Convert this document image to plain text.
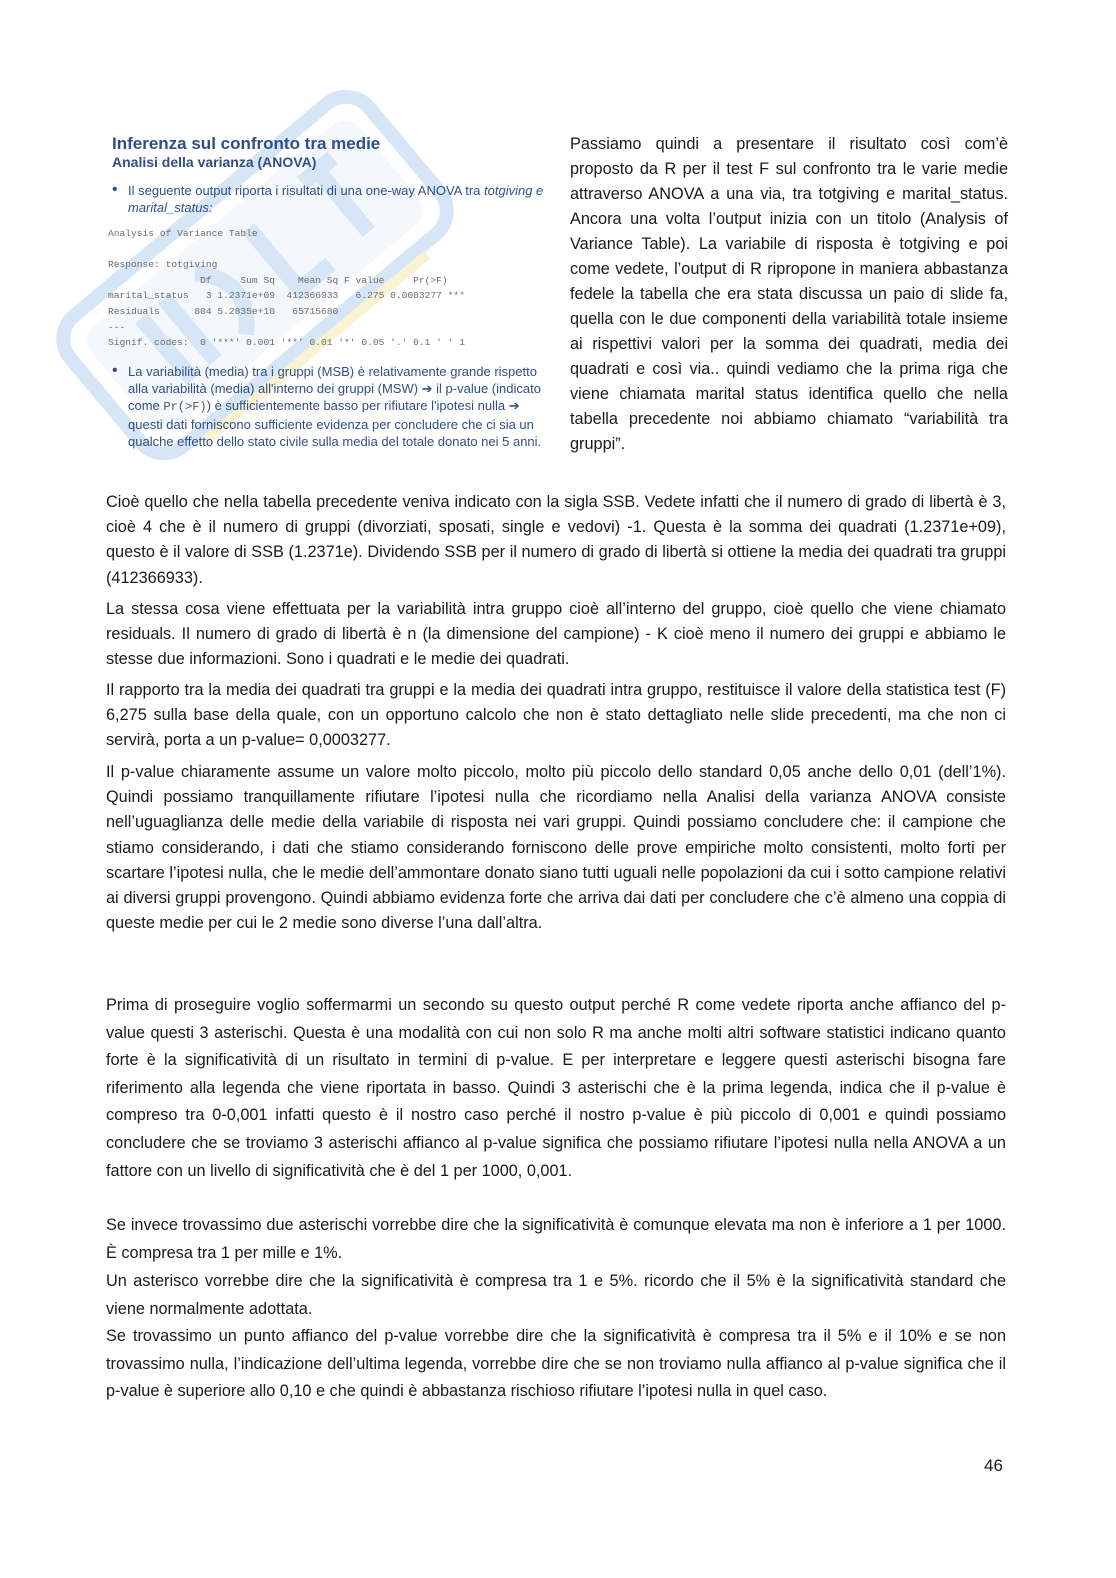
Inferenza sul confronto tra medie
Analisi della varianza (ANOVA)
• Il seguente output riporta i risultati di una one-way ANOVA tra totgiving e marital_status:
Analysis of Variance Table

Response: totgiving
Df     Sum Sq    Mean Sq F value     Pr(>F)
marital_status   3 1.2371e+09  412366933   6.275 0.0003277 ***
Residuals      804 5.2835e+10   65715680
---
Signif. codes:  0 '***' 0.001 '**' 0.01 '*' 0.05 '.' 0.1 ' ' 1
• La variabilità (media) tra i gruppi (MSB) è relativamente grande rispetto alla variabilità (media) all'interno dei gruppi (MSW) ➔ il p-value (indicato come Pr(>F)) è sufficientemente basso per rifiutare l'ipotesi nulla ➔ questi dati forniscono sufficiente evidenza per concludere che ci sia un qualche effetto dello stato civile sulla media del totale donato nei 5 anni.
Passiamo quindi a presentare il risultato così com’è proposto da R per il test F sul confronto tra le varie medie attraverso ANOVA a una via, tra totgiving e marital_status. Ancora una volta l’output inizia con un titolo (Analysis of Variance Table). La variabile di risposta è totgiving e poi come vedete, l’output di R ripropone in maniera abbastanza fedele la tabella che era stata discussa un paio di slide fa, quella con le due componenti della variabilità totale insieme ai rispettivi valori per la somma dei quadrati, media dei quadrati e così via.. quindi vediamo che la prima riga che viene chiamata marital status identifica quello che nella tabella precedente noi abbiamo chiamato “variabilità tra gruppi”.

Cioè quello che nella tabella precedente veniva indicato con la sigla SSB. Vedete infatti che il numero di grado di libertà è 3, cioè 4 che è il numero di gruppi (divorziati, sposati, single e vedovi) -1. Questa è la somma dei quadrati (1.2371e+09), questo è il valore di SSB (1.2371e). Dividendo SSB per il numero di grado di libertà si ottiene la media dei quadrati tra gruppi (412366933).

La stessa cosa viene effettuata per la variabilità intra gruppo cioè all’interno del gruppo, cioè quello che viene chiamato residuals. Il numero di grado di libertà è n (la dimensione del campione) - K cioè meno il numero dei gruppi e abbiamo le stesse due informazioni. Sono i quadrati e le medie dei quadrati.

Il rapporto tra la media dei quadrati tra gruppi e la media dei quadrati intra gruppo, restituisce il valore della statistica test (F) 6,275 sulla base della quale, con un opportuno calcolo che non è stato dettagliato nelle slide precedenti, ma che non ci servirà, porta a un p-value= 0,0003277.

Il p-value chiaramente assume un valore molto piccolo, molto più piccolo dello standard 0,05 anche dello 0,01 (dell’1%). Quindi possiamo tranquillamente rifiutare l’ipotesi nulla che ricordiamo nella Analisi della varianza ANOVA consiste nell’uguaglianza delle medie della variabile di risposta nei vari gruppi. Quindi possiamo concludere che: il campione che stiamo considerando, i dati che stiamo considerando forniscono delle prove empiriche molto consistenti, molto forti per scartare l’ipotesi nulla, che le medie dell’ammontare donato siano tutti uguali nelle popolazioni da cui i sotto campione relativi ai diversi gruppi provengono. Quindi abbiamo evidenza forte che arriva dai dati per concludere che c’è almeno una coppia di queste medie per cui le 2 medie sono diverse l’una dall’altra.

Prima di proseguire voglio soffermarmi un secondo su questo output perché R come vedete riporta anche affianco del p-value questi 3 asterischi. Questa è una modalità con cui non solo R ma anche molti altri software statistici indicano quanto forte è la significatività di un risultato in termini di p-value. E per interpretare e leggere questi asterischi bisogna fare riferimento alla legenda che viene riportata in basso. Quindi 3 asterischi che è la prima legenda, indica che il p-value è compreso tra 0-0,001 infatti questo è il nostro caso perché il nostro p-value è più piccolo di 0,001 e quindi possiamo concludere che se troviamo 3 asterischi affianco al p-value significa che possiamo rifiutare l’ipotesi nulla nella ANOVA a un fattore con un livello di significatività che è del 1 per 1000, 0,001.

Se invece trovassimo due asterischi vorrebbe dire che la significatività è comunque elevata ma non è inferiore a 1 per 1000. È compresa tra 1 per mille e 1%.

Un asterisco vorrebbe dire che la significatività è compresa tra 1 e 5%. ricordo che il 5% è la significatività standard che viene normalmente adottata.

Se trovassimo un punto affianco del p-value vorrebbe dire che la significatività è compresa tra il 5% e il 10% e se non trovassimo nulla, l’indicazione dell’ultima legenda, vorrebbe dire che se non troviamo nulla affianco al p-value significa che il p-value è superiore allo 0,10 e che quindi è abbastanza rischioso rifiutare l’ipotesi nulla in quel caso.

46
